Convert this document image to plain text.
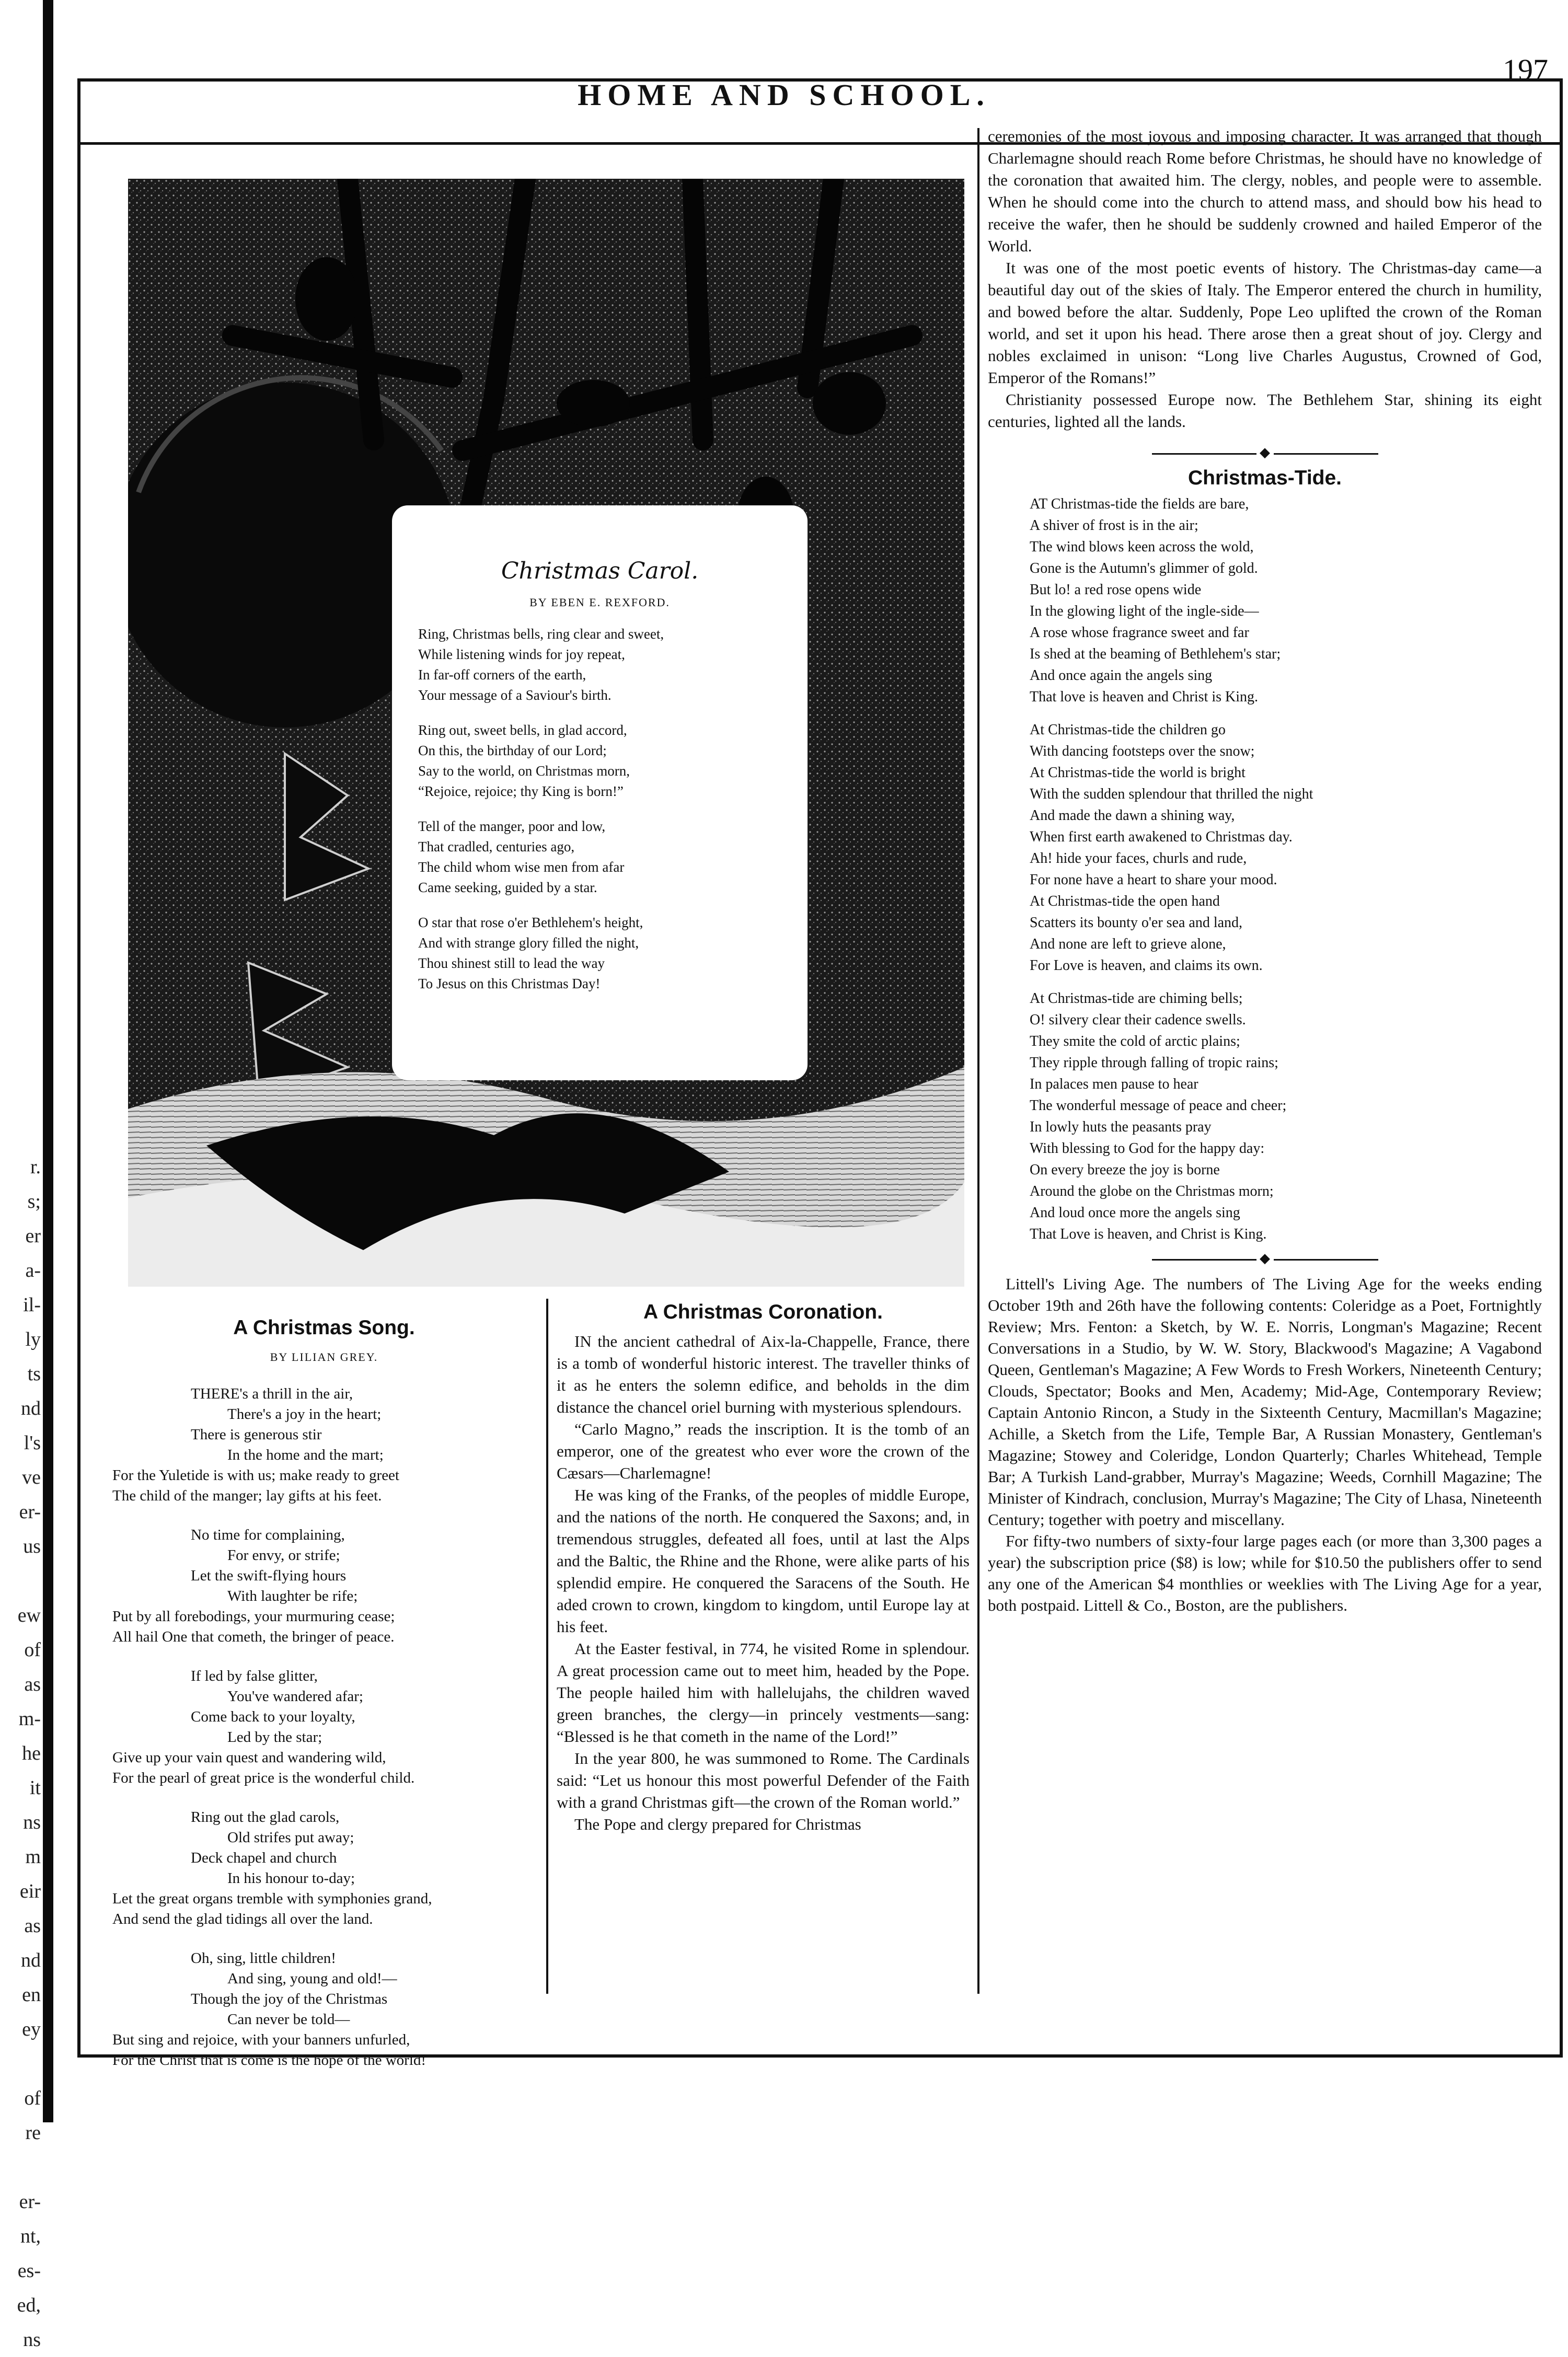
r.
s;
er
a-
il-
ly
ts
nd
l's
ve
er-
us
ew
of
as
m-
he
it
ns
m
eir
as
nd
en
ey
of
re
er-
nt,
es-
ed,
ns
HOME AND SCHOOL.
197
Christmas Carol.
BY EBEN E. REXFORD.
Ring, Christmas bells, ring clear and sweet,
While listening winds for joy repeat,
In far-off corners of the earth,
Your message of a Saviour's birth.
Ring out, sweet bells, in glad accord,
On this, the birthday of our Lord;
Say to the world, on Christmas morn,
“Rejoice, rejoice; thy King is born!”
Tell of the manger, poor and low,
That cradled, centuries ago,
The child whom wise men from afar
Came seeking, guided by a star.
O star that rose o'er Bethlehem's height,
And with strange glory filled the night,
Thou shinest still to lead the way
To Jesus on this Christmas Day!
A Christmas Song.
BY LILIAN GREY.
THERE's a thrill in the air,
There's a joy in the heart;
There is generous stir
In the home and the mart;
For the Yuletide is with us; make ready to greet
The child of the manger; lay gifts at his feet.
No time for complaining,
For envy, or strife;
Let the swift-flying hours
With laughter be rife;
Put by all forebodings, your murmuring cease;
All hail One that cometh, the bringer of peace.
If led by false glitter,
You've wandered afar;
Come back to your loyalty,
Led by the star;
Give up your vain quest and wandering wild,
For the pearl of great price is the wonderful child.
Ring out the glad carols,
Old strifes put away;
Deck chapel and church
In his honour to-day;
Let the great organs tremble with symphonies grand,
And send the glad tidings all over the land.
Oh, sing, little children!
And sing, young and old!—
Though the joy of the Christmas
Can never be told—
But sing and rejoice, with your banners unfurled,
For the Christ that is come is the hope of the world!
A Christmas Coronation.

IN the ancient cathedral of Aix-la-Chappelle, France, there is a tomb of wonderful historic interest. The traveller thinks of it as he enters the solemn edifice, and beholds in the dim distance the chancel oriel burning with mysterious splendours.

“Carlo Magno,” reads the inscription. It is the tomb of an emperor, one of the greatest who ever wore the crown of the Cæsars—Charlemagne!

He was king of the Franks, of the peoples of middle Europe, and the nations of the north. He conquered the Saxons; and, in tremendous struggles, defeated all foes, until at last the Alps and the Baltic, the Rhine and the Rhone, were alike parts of his splendid empire. He conquered the Saracens of the South. He aded crown to crown, kingdom to kingdom, until Europe lay at his feet.

At the Easter festival, in 774, he visited Rome in splendour. A great procession came out to meet him, headed by the Pope. The people hailed him with hallelujahs, the children waved green branches, the clergy—in princely vestments—sang: “Blessed is he that cometh in the name of the Lord!”

In the year 800, he was summoned to Rome. The Cardinals said: “Let us honour this most powerful Defender of the Faith with a grand Christmas gift—the crown of the Roman world.”

The Pope and clergy prepared for Christmas

ceremonies of the most joyous and imposing character. It was arranged that though Charlemagne should reach Rome before Christmas, he should have no knowledge of the coronation that awaited him. The clergy, nobles, and people were to assemble. When he should come into the church to attend mass, and should bow his head to receive the wafer, then he should be suddenly crowned and hailed Emperor of the World.

It was one of the most poetic events of history. The Christmas-day came—a beautiful day out of the skies of Italy. The Emperor entered the church in humility, and bowed before the altar. Suddenly, Pope Leo uplifted the crown of the Roman world, and set it upon his head. There arose then a great shout of joy. Clergy and nobles exclaimed in unison: “Long live Charles Augustus, Crowned of God, Emperor of the Romans!”

Christianity possessed Europe now. The Bethlehem Star, shining its eight centuries, lighted all the lands.

◆
Christmas-Tide.
AT Christmas-tide the fields are bare,
A shiver of frost is in the air;
The wind blows keen across the wold,
Gone is the Autumn's glimmer of gold.
But lo! a red rose opens wide
In the glowing light of the ingle-side—
A rose whose fragrance sweet and far
Is shed at the beaming of Bethlehem's star;
And once again the angels sing
That love is heaven and Christ is King.
At Christmas-tide the children go
With dancing footsteps over the snow;
At Christmas-tide the world is bright
With the sudden splendour that thrilled the night
And made the dawn a shining way,
When first earth awakened to Christmas day.
Ah! hide your faces, churls and rude,
For none have a heart to share your mood.
At Christmas-tide the open hand
Scatters its bounty o'er sea and land,
And none are left to grieve alone,
For Love is heaven, and claims its own.
At Christmas-tide are chiming bells;
O! silvery clear their cadence swells.
They smite the cold of arctic plains;
They ripple through falling of tropic rains;
In palaces men pause to hear
The wonderful message of peace and cheer;
In lowly huts the peasants pray
With blessing to God for the happy day:
On every breeze the joy is borne
Around the globe on the Christmas morn;
And loud once more the angels sing
That Love is heaven, and Christ is King.
◆

Littell's Living Age. The numbers of The Living Age for the weeks ending October 19th and 26th have the following contents: Coleridge as a Poet, Fortnightly Review; Mrs. Fenton: a Sketch, by W. E. Norris, Longman's Magazine; Recent Conversations in a Studio, by W. W. Story, Blackwood's Magazine; A Vagabond Queen, Gentleman's Magazine; A Few Words to Fresh Workers, Nineteenth Century; Clouds, Spectator; Books and Men, Academy; Mid-Age, Contemporary Review; Captain Antonio Rincon, a Study in the Sixteenth Century, Macmillan's Magazine; Achille, a Sketch from the Life, Temple Bar, A Russian Monastery, Gentleman's Magazine; Stowey and Coleridge, London Quarterly; Charles Whitehead, Temple Bar; A Turkish Land-grabber, Murray's Magazine; Weeds, Cornhill Magazine; The Minister of Kindrach, conclusion, Murray's Magazine; The City of Lhasa, Nineteenth Century; together with poetry and miscellany.

For fifty-two numbers of sixty-four large pages each (or more than 3,300 pages a year) the subscription price ($8) is low; while for $10.50 the publishers offer to send any one of the American $4 monthlies or weeklies with The Living Age for a year, both postpaid. Littell & Co., Boston, are the publishers.
